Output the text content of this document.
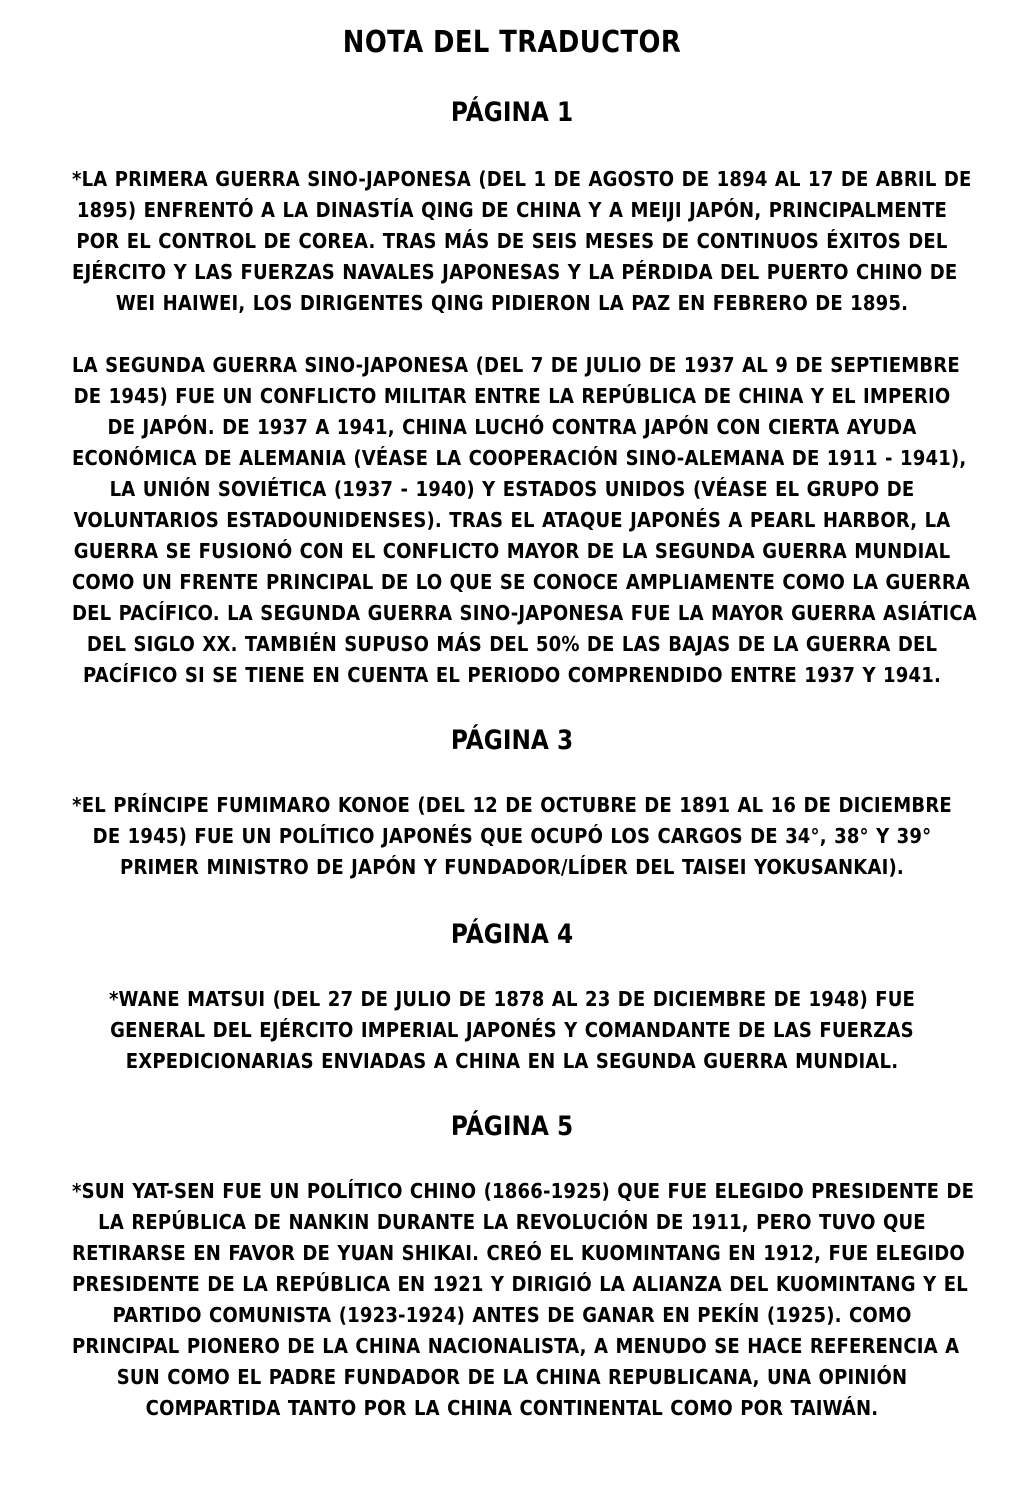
NOTA DEL TRADUCTOR
PÁGINA 1
*LA PRIMERA GUERRA SINO-JAPONESA (DEL 1 DE AGOSTO DE 1894 AL 17 DE ABRIL DE
1895) ENFRENTÓ A LA DINASTÍA QING DE CHINA Y A MEIJI JAPÓN, PRINCIPALMENTE
POR EL CONTROL DE COREA. TRAS MÁS DE SEIS MESES DE CONTINUOS ÉXITOS DEL
EJÉRCITO Y LAS FUERZAS NAVALES JAPONESAS Y LA PÉRDIDA DEL PUERTO CHINO DE
WEI HAIWEI, LOS DIRIGENTES QING PIDIERON LA PAZ EN FEBRERO DE 1895.
LA SEGUNDA GUERRA SINO-JAPONESA (DEL 7 DE JULIO DE 1937 AL 9 DE SEPTIEMBRE
DE 1945) FUE UN CONFLICTO MILITAR ENTRE LA REPÚBLICA DE CHINA Y EL IMPERIO
DE JAPÓN. DE 1937 A 1941, CHINA LUCHÓ CONTRA JAPÓN CON CIERTA AYUDA
ECONÓMICA DE ALEMANIA (VÉASE LA COOPERACIÓN SINO-ALEMANA DE 1911 - 1941),
LA UNIÓN SOVIÉTICA (1937 - 1940) Y ESTADOS UNIDOS (VÉASE EL GRUPO DE
VOLUNTARIOS ESTADOUNIDENSES). TRAS EL ATAQUE JAPONÉS A PEARL HARBOR, LA
GUERRA SE FUSIONÓ CON EL CONFLICTO MAYOR DE LA SEGUNDA GUERRA MUNDIAL
COMO UN FRENTE PRINCIPAL DE LO QUE SE CONOCE AMPLIAMENTE COMO LA GUERRA
DEL PACÍFICO. LA SEGUNDA GUERRA SINO-JAPONESA FUE LA MAYOR GUERRA ASIÁTICA
DEL SIGLO XX. TAMBIÉN SUPUSO MÁS DEL 50% DE LAS BAJAS DE LA GUERRA DEL
PACÍFICO SI SE TIENE EN CUENTA EL PERIODO COMPRENDIDO ENTRE 1937 Y 1941.
PÁGINA 3
*EL PRÍNCIPE FUMIMARO KONOE (DEL 12 DE OCTUBRE DE 1891 AL 16 DE DICIEMBRE
DE 1945) FUE UN POLÍTICO JAPONÉS QUE OCUPÓ LOS CARGOS DE 34°, 38° Y 39°
PRIMER MINISTRO DE JAPÓN Y FUNDADOR/LÍDER DEL TAISEI YOKUSANKAI).
PÁGINA 4
*WANE MATSUI (DEL 27 DE JULIO DE 1878 AL 23 DE DICIEMBRE DE 1948) FUE
GENERAL DEL EJÉRCITO IMPERIAL JAPONÉS Y COMANDANTE DE LAS FUERZAS
EXPEDICIONARIAS ENVIADAS A CHINA EN LA SEGUNDA GUERRA MUNDIAL.
PÁGINA 5
*SUN YAT-SEN FUE UN POLÍTICO CHINO (1866-1925) QUE FUE ELEGIDO PRESIDENTE DE
LA REPÚBLICA DE NANKIN DURANTE LA REVOLUCIÓN DE 1911, PERO TUVO QUE
RETIRARSE EN FAVOR DE YUAN SHIKAI. CREÓ EL KUOMINTANG EN 1912, FUE ELEGIDO
PRESIDENTE DE LA REPÚBLICA EN 1921 Y DIRIGIÓ LA ALIANZA DEL KUOMINTANG Y EL
PARTIDO COMUNISTA (1923-1924) ANTES DE GANAR EN PEKÍN (1925). COMO
PRINCIPAL PIONERO DE LA CHINA NACIONALISTA, A MENUDO SE HACE REFERENCIA A
SUN COMO EL PADRE FUNDADOR DE LA CHINA REPUBLICANA, UNA OPINIÓN
COMPARTIDA TANTO POR LA CHINA CONTINENTAL COMO POR TAIWÁN.
